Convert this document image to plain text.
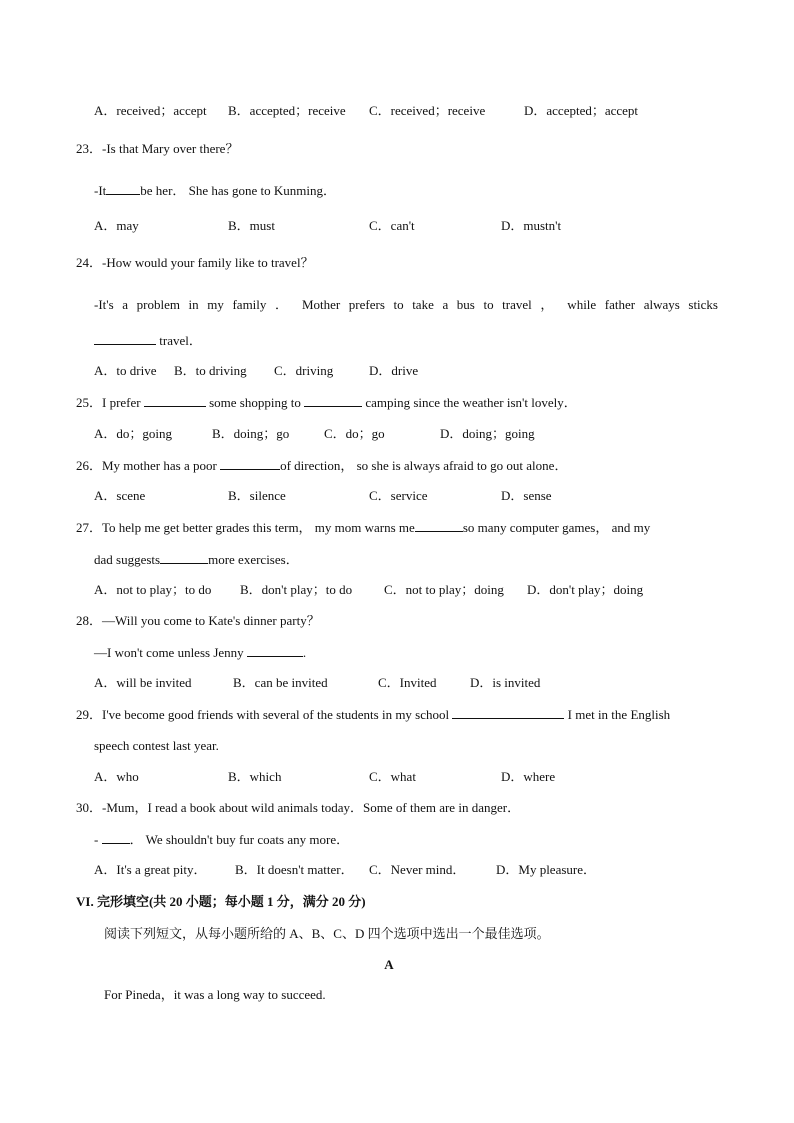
A．received；accept B．accepted；receive C．received；receive	D．accepted；accept
23．-Is that Mary over there？
-It	be her． She has gone to Kunming．
A．may	B．must	C．can't	D．mustn't
24．-How would your family like to travel？
-It's a problem in my family ． Mother prefers to take a bus to travel ， while father always sticks
travel．
A．to drive B．to driving C．driving	D．drive
25．I prefer	some shopping to	camping since the weather isn't lovely．
A．do；going	B．doing；go	C．do；go	D．doing；going
26．My mother has a poor	of direction， so she is always afraid to go out alone．
A．scene	B．silence	C．service	D．sense
27．To help me get better grades this term， my mom warns me	so many computer games， and my
dad suggests	more exercises．
A．not to play；to do B．don't play；to do C．not to play；doing D．don't play；doing
28．—Will you come to Kate's dinner party？
—I won't come unless Jenny	.
A．will be invited	B．can be invited	C．Invited	D．is invited
29．I've become good friends with several of the students in my school	I met in the English
speech contest last year.
A．who	B．which	C．what	D．where
30．-Mum，I read a book about wild animals today．Some of them are in danger．
- ． We shouldn't buy fur coats any more．
A．It's a great pity． B．It doesn't matter． C．Never mind． D．My pleasure．
VI. 完形填空(共 20 小题；每小题 1 分，满分 20 分)
阅读下列短文，从每小题所给的 A、B、C、D 四个选项中选出一个最佳选项。
A
For Pineda，it was a long way to succeed.
